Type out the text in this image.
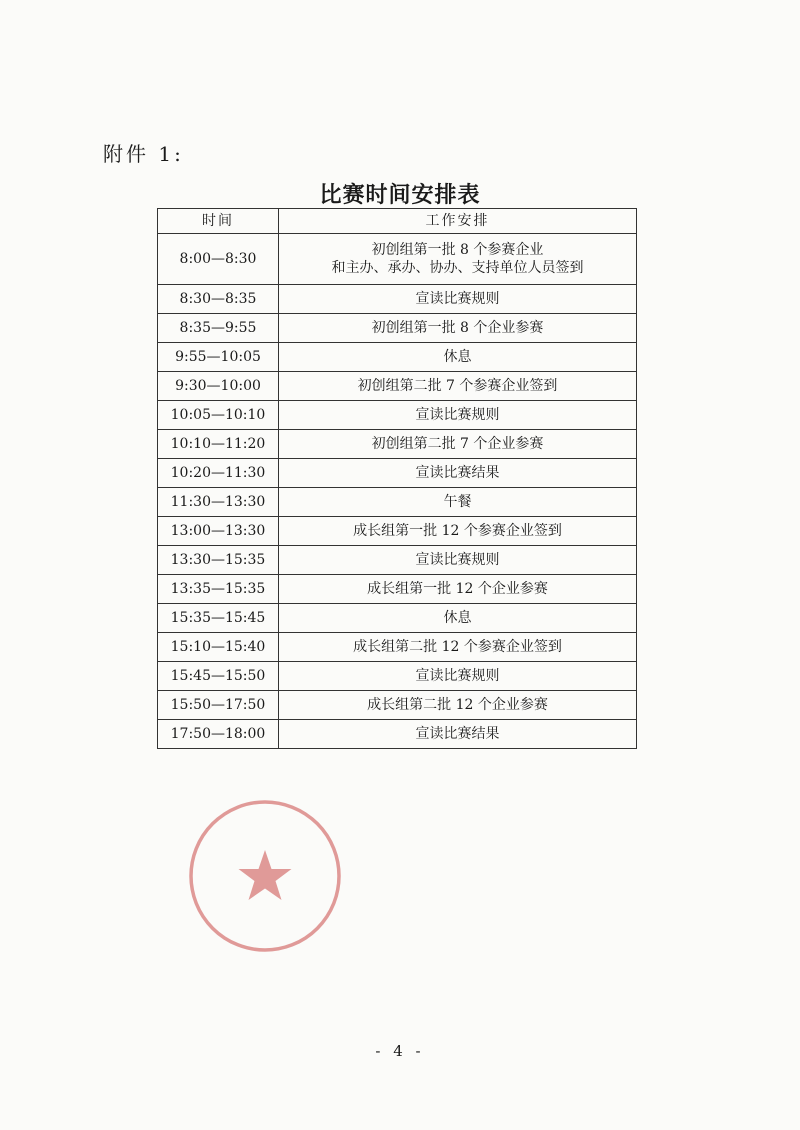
附件 1:
比赛时间安排表
时间	工作安排
8:00—8:30	初创组第一批 8 个参赛企业
和主办、承办、协办、支持单位人员签到

8:30—8:35	宣读比赛规则

8:35—9:55	初创组第一批 8 个企业参赛

9:55—10:05	休息

9:30—10:00	初创组第二批 7 个参赛企业签到

10:05—10:10	宣读比赛规则

10:10—11:20	初创组第二批 7 个企业参赛

10:20—11:30	宣读比赛结果

11:30—13:30	午餐

13:00—13:30	成长组第一批 12 个参赛企业签到

13:30—15:35	宣读比赛规则

13:35—15:35	成长组第一批 12 个企业参赛

15:35—15:45	休息

15:10—15:40	成长组第二批 12 个参赛企业签到

15:45—15:50	宣读比赛规则

15:50—17:50	成长组第二批 12 个企业参赛

17:50—18:00	宣读比赛结果
- 4 -
